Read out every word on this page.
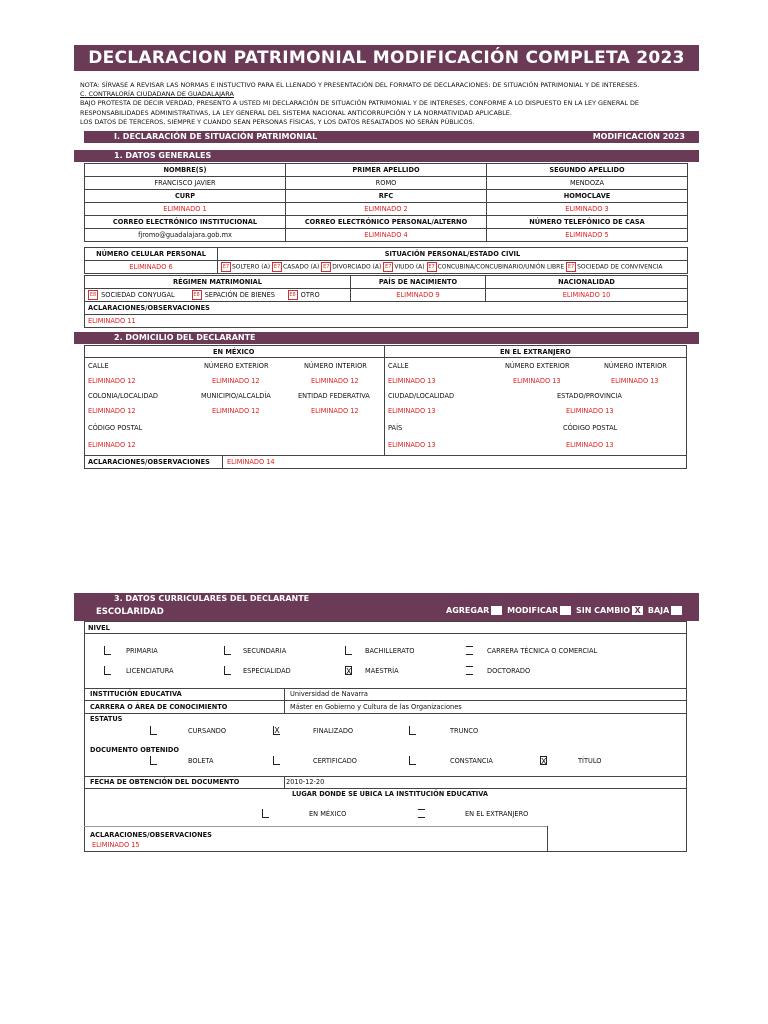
DECLARACION PATRIMONIAL MODIFICACIÓN COMPLETA 2023
NOTA: SÍRVASE A REVISAR LAS NORMAS E INSTUCTIVO PARA EL LLENADO Y PRESENTACIÓN DEL FORMATO DE DECLARACIONES: DE SITUACIÓN PATRIMONIAL Y DE INTERESES.
C. CONTRALORÍA CIUDADANA DE GUADALAJARA
BAJO PROTESTA DE DECIR VERDAD, PRESENTO A USTED MI DECLARACIÓN DE SITUACIÓN PATRIMONIAL Y DE INTERESES, CONFORME A LO DISPUESTO EN LA LEY GENERAL DE
RESPONSABILIDADES ADMINISTRATIVAS, LA LEY GENERAL DEL SISTEMA NACIONAL ANTICORRUPCIÓN Y LA NORMATIVIDAD APLICABLE.
LOS DATOS DE TERCEROS, SIEMPRE Y CUANDO SEAN PERSONAS FÍSICAS, Y LOS DATOS RESALTADOS NO SERÁN PÚBLICOS.
I. DECLARACIÓN DE SITUACIÓN PATRIMONIAL	MODIFICACIÓN 2023
1. DATOS GENERALES
NOMBRE(S)	PRIMER APELLIDO	SEGUNDO APELLIDO
FRANCISCO JAVIER	ROMO	MENDOZA
CURP	RFC	HOMOCLAVE
ELIMINADO 1	ELIMINADO 2	ELIMINADO 3
CORREO ELECTRÓNICO INSTITUCIONAL	CORREO ELECTRÓNICO PERSONAL/ALTERNO	NÚMERO TELEFÓNICO DE CASA
fjromo@guadalajara.gob.mx	ELIMINADO 4	ELIMINADO 5
NÚMERO CELULAR PERSONAL	SITUACIÓN PERSONAL/ESTADO CIVIL
ELIMINADO 6	E7 SOLTERO (A) E7 CASADO (A) E7 DIVORCIADO (A) E7 VIUDO (A) E7 CONCUBINA/CONCUBINARIO/UNIÓN LIBRE E7 SOCIEDAD DE CONVIVENCIA
RÉGIMEN MATRIMONIAL	PAÍS DE NACIMIENTO	NACIONALIDAD
E8 SOCIEDAD CONYUGAL E8 SEPACIÓN DE BIENES E8 OTRO	ELIMINADO 9	ELIMINADO 10
ACLARACIONES/OBSERVACIONES		
ELIMINADO 11		
2. DOMICILIO DEL DECLARANTE
EN MÉXICO	EN EL EXTRANJERO
CALLE	NÚMERO EXTERIOR	NÚMERO INTERIOR	CALLE	NÚMERO EXTERIOR	NÚMERO INTERIOR
ELIMINADO 12	ELIMINADO 12	ELIMINADO 12	ELIMINADO 13	ELIMINADO 13	ELIMINADO 13
COLONIA/LOCALIDAD	MUNICIPIO/ALCALDÍA	ENTIDAD FEDERATIVA	CIUDAD/LOCALIDAD	ESTADO/PROVINCIA
ELIMINADO 12	ELIMINADO 12	ELIMINADO 12	ELIMINADO 13	ELIMINADO 13
CÓDIGO POSTAL	PAÍS	CÓDIGO POSTAL
ELIMINADO 12	ELIMINADO 13	ELIMINADO 13
ACLARACIONES/OBSERVACIONES	ELIMINADO 14
3. DATOS CURRICULARES DEL DECLARANTE
ESCOLARIDAD	AGREGAR MODIFICAR SIN CAMBIO X BAJA
NIVEL
PRIMARIA	SECUNDARIA	BACHILLERATO	CARRERA TÉCNICA O COMERCIAL
LICENCIATURA	ESPECIALIDAD	X MAESTRÍA	DOCTORADO
INSTITUCIÓN EDUCATIVA	Universidad de Navarra
CARRERA O ÁREA DE CONOCIMIENTO	Máster en Gobierno y Cultura de las Organizaciones
ESTATUS
CURSANDO	X	FINALIZADO	TRUNCO
DOCUMENTO OBTENIDO
BOLETA	CERTIFICADO	CONSTANCIA	X	TÍTULO
FECHA DE OBTENCIÓN DEL DOCUMENTO	2010-12-20
LUGAR DONDE SE UBICA LA INSTITUCIÓN EDUCATIVA
EN MÉXICO	EN EL EXTRANJERO
ACLARACIONES/OBSERVACIONES
ELIMINADO 15
